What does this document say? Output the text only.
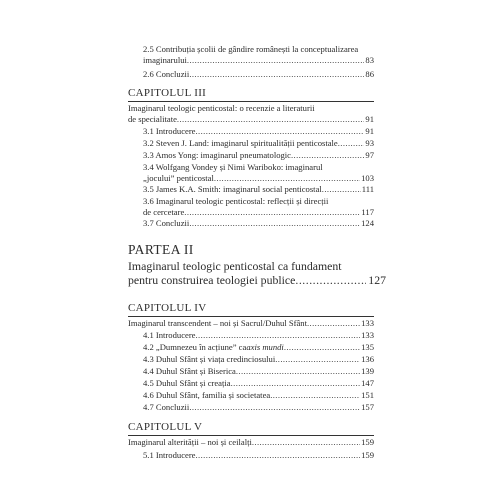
2.5 Contribuția școlii de gândire românești la conceptualizarea
imaginarului .....	83
2.6 Concluzii .....	86
CAPITOLUL III
Imaginarul teologic penticostal: o recenzie a literaturii
de specialitate .....	91
3.1 Introducere .....	91
3.2 Steven J. Land: imaginarul spiritualității penticostale .....	93
3.3 Amos Yong: imaginarul pneumatologic .....	97
3.4 Wolfgang Vondey și Nimi Wariboko: imaginarul
„jocului” penticostal .....	103
3.5 James K.A. Smith: imaginarul social penticostal .....	111
3.6 Imaginarul teologic penticostal: reflecții și direcții
de cercetare .....	117
3.7 Concluzii .....	124
PARTEA II
Imaginarul teologic penticostal ca fundament
pentru construirea teologiei publice .....	127
CAPITOLUL IV
Imaginarul transcendent – noi și Sacrul/Duhul Sfânt .....	133
4.1 Introducere .....	133
4.2 „Dumnezeu în acțiune” ca axis mundi .....	135
4.3 Duhul Sfânt și viața credinciosului .....	136
4.4 Duhul Sfânt și Biserica .....	139
4.5 Duhul Sfânt și creația .....	147
4.6 Duhul Sfânt, familia și societatea .....	151
4.7 Concluzii .....	157
CAPITOLUL V
Imaginarul alterității – noi și ceilalți .....	159
5.1 Introducere .....	159
